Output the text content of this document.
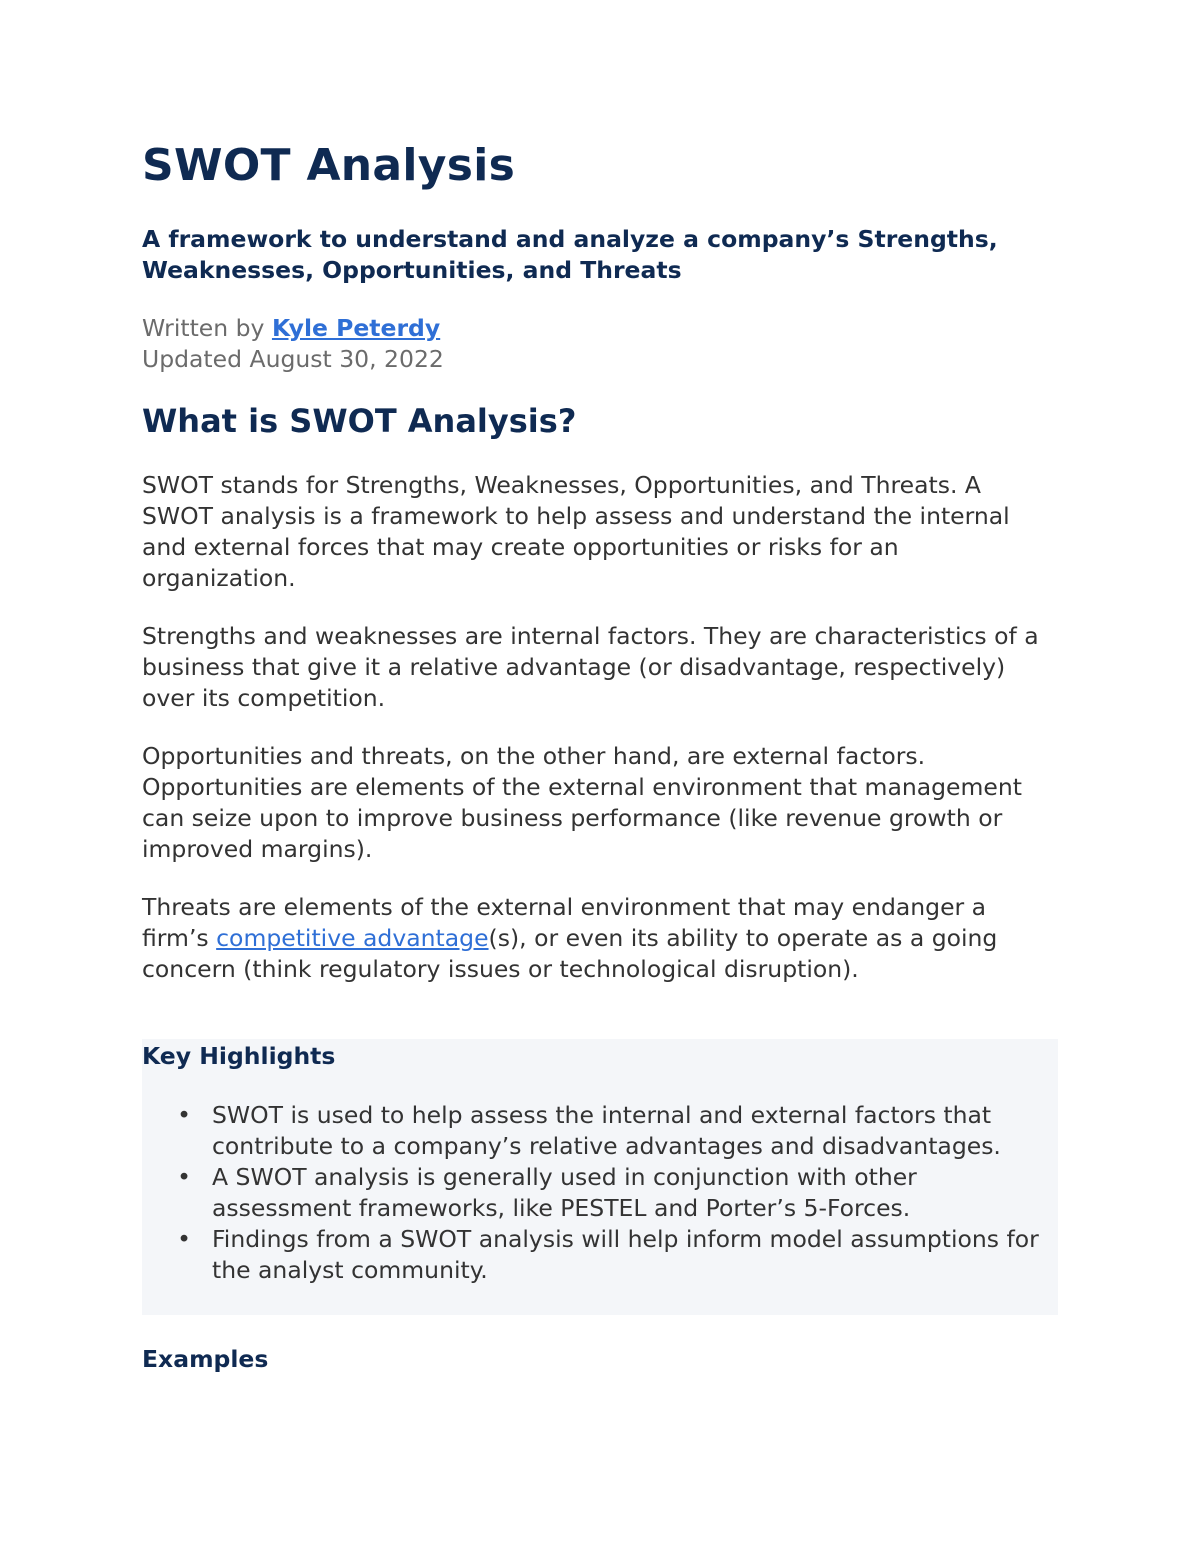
SWOT Analysis

A framework to understand and analyze a company’s Strengths, Weaknesses, Opportunities, and Threats

Written by Kyle Peterdy
Updated August 30, 2022

What is SWOT Analysis?

SWOT stands for Strengths, Weaknesses, Opportunities, and Threats. A SWOT analysis is a framework to help assess and understand the internal and external forces that may create opportunities or risks for an organization.

Strengths and weaknesses are internal factors. They are characteristics of a business that give it a relative advantage (or disadvantage, respectively) over its competition.

Opportunities and threats, on the other hand, are external factors. Opportunities are elements of the external environment that management can seize upon to improve business performance (like revenue growth or improved margins).

Threats are elements of the external environment that may endanger a firm’s competitive advantage(s), or even its ability to operate as a going concern (think regulatory issues or technological disruption).

Key Highlights
• SWOT is used to help assess the internal and external factors that contribute to a company’s relative advantages and disadvantages.
• A SWOT analysis is generally used in conjunction with other assessment frameworks, like PESTEL and Porter’s 5-Forces.
• Findings from a SWOT analysis will help inform model assumptions for the analyst community.
Examples
